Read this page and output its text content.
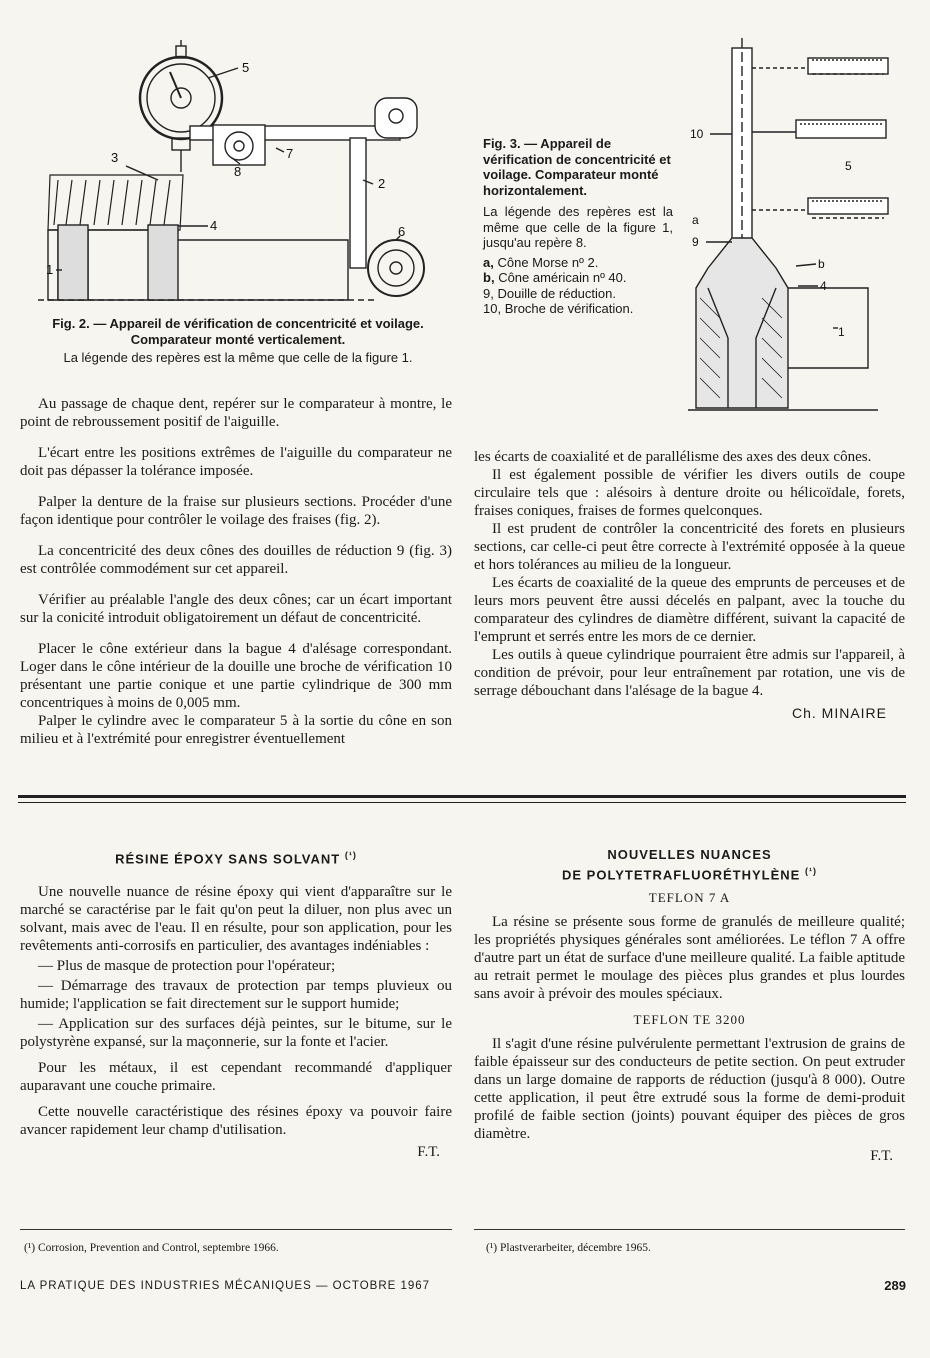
5
3
8
7
2
4	6
1

Fig. 2. — Appareil de vérification de concentricité et voilage. Comparateur monté verticalement.

La légende des repères est la même que celle de la figure 1.

Fig. 3. — Appareil de vérification de concentricité et voilage. Comparateur monté horizontalement.

La légende des repères est la même que celle de la figure 1, jusqu'au repère 8.

a, Cône Morse nº 2.
b, Cône américain nº 40.
9, Douille de réduction.
10, Broche de vérification.
10
5
a
9
b
4
1

Au passage de chaque dent, repérer sur le comparateur à montre, le point de rebroussement positif de l'aiguille.

L'écart entre les positions extrêmes de l'aiguille du comparateur ne doit pas dépasser la tolérance imposée.

Palper la denture de la fraise sur plusieurs sections. Procéder d'une façon identique pour contrôler le voilage des fraises (fig. 2).

La concentricité des deux cônes des douilles de réduction 9 (fig. 3) est contrôlée commodément sur cet appareil.

Vérifier au préalable l'angle des deux cônes; car un écart important sur la conicité introduit obligatoirement un défaut de concentricité.

Placer le cône extérieur dans la bague 4 d'alésage correspondant. Loger dans le cône intérieur de la douille une broche de vérification 10 présentant une partie conique et une partie cylindrique de 300 mm concentriques à moins de 0,005 mm.

Palper le cylindre avec le comparateur 5 à la sortie du cône en son milieu et à l'extrémité pour enregistrer éventuellement

les écarts de coaxialité et de parallélisme des axes des deux cônes.

Il est également possible de vérifier les divers outils de coupe circulaire tels que : alésoirs à denture droite ou hélicoïdale, forets, fraises coniques, fraises de formes quelconques.

Il est prudent de contrôler la concentricité des forets en plusieurs sections, car celle-ci peut être correcte à l'extrémité opposée à la queue et hors tolérances au milieu de la longueur.

Les écarts de coaxialité de la queue des emprunts de perceuses et de leurs mors peuvent être aussi décelés en palpant, avec la touche du comparateur des cylindres de diamètre différent, suivant la capacité de l'emprunt et serrés entre les mors de ce dernier.

Les outils à queue cylindrique pourraient être admis sur l'appareil, à condition de prévoir, pour leur entraînement par rotation, une vis de serrage débouchant dans l'alésage de la bague 4.

Ch. MINAIRE
RÉSINE ÉPOXY SANS SOLVANT $^{(^1)}$

Une nouvelle nuance de résine époxy qui vient d'apparaître sur le marché se caractérise par le fait qu'on peut la diluer, non plus avec un solvant, mais avec de l'eau. Il en résulte, pour son application, pour les revêtements anti-corrosifs en particulier, des avantages indéniables :

— Plus de masque de protection pour l'opérateur;

— Démarrage des travaux de protection par temps pluvieux ou humide; l'application se fait directement sur le support humide;

— Application sur des surfaces déjà peintes, sur le bitume, sur le polystyrène expansé, sur la maçonnerie, sur la fonte et l'acier.

Pour les métaux, il est cependant recommandé d'appliquer auparavant une couche primaire.

Cette nouvelle caractéristique des résines époxy va pouvoir faire avancer rapidement leur champ d'utilisation.

F.T.
NOUVELLES NUANCES
DE POLYTETRAFLUORÉTHYLÈNE $^{(^1)}$
TEFLON 7 A

La résine se présente sous forme de granulés de meilleure qualité; les propriétés physiques générales sont améliorées. Le téflon 7 A offre d'autre part un état de surface d'une meilleure qualité. La faible aptitude au retrait permet le moulage des pièces plus grandes et plus lourdes sans avoir à prévoir des moules spéciaux.

TEFLON TE 3200

Il s'agit d'une résine pulvérulente permettant l'extrusion de grains de faible épaisseur sur des conducteurs de petite section. On peut extruder dans un large domaine de rapports de réduction (jusqu'à 8 000). Outre cette application, il peut être extrudé sous la forme de demi-produit profilé de faible section (joints) pouvant équiper des pièces de gros diamètre.

F.T.
(¹) Corrosion, Prevention and Control, septembre 1966.	(¹) Plastverarbeiter, décembre 1965.
LA PRATIQUE DES INDUSTRIES MÉCANIQUES — OCTOBRE 1967	289
